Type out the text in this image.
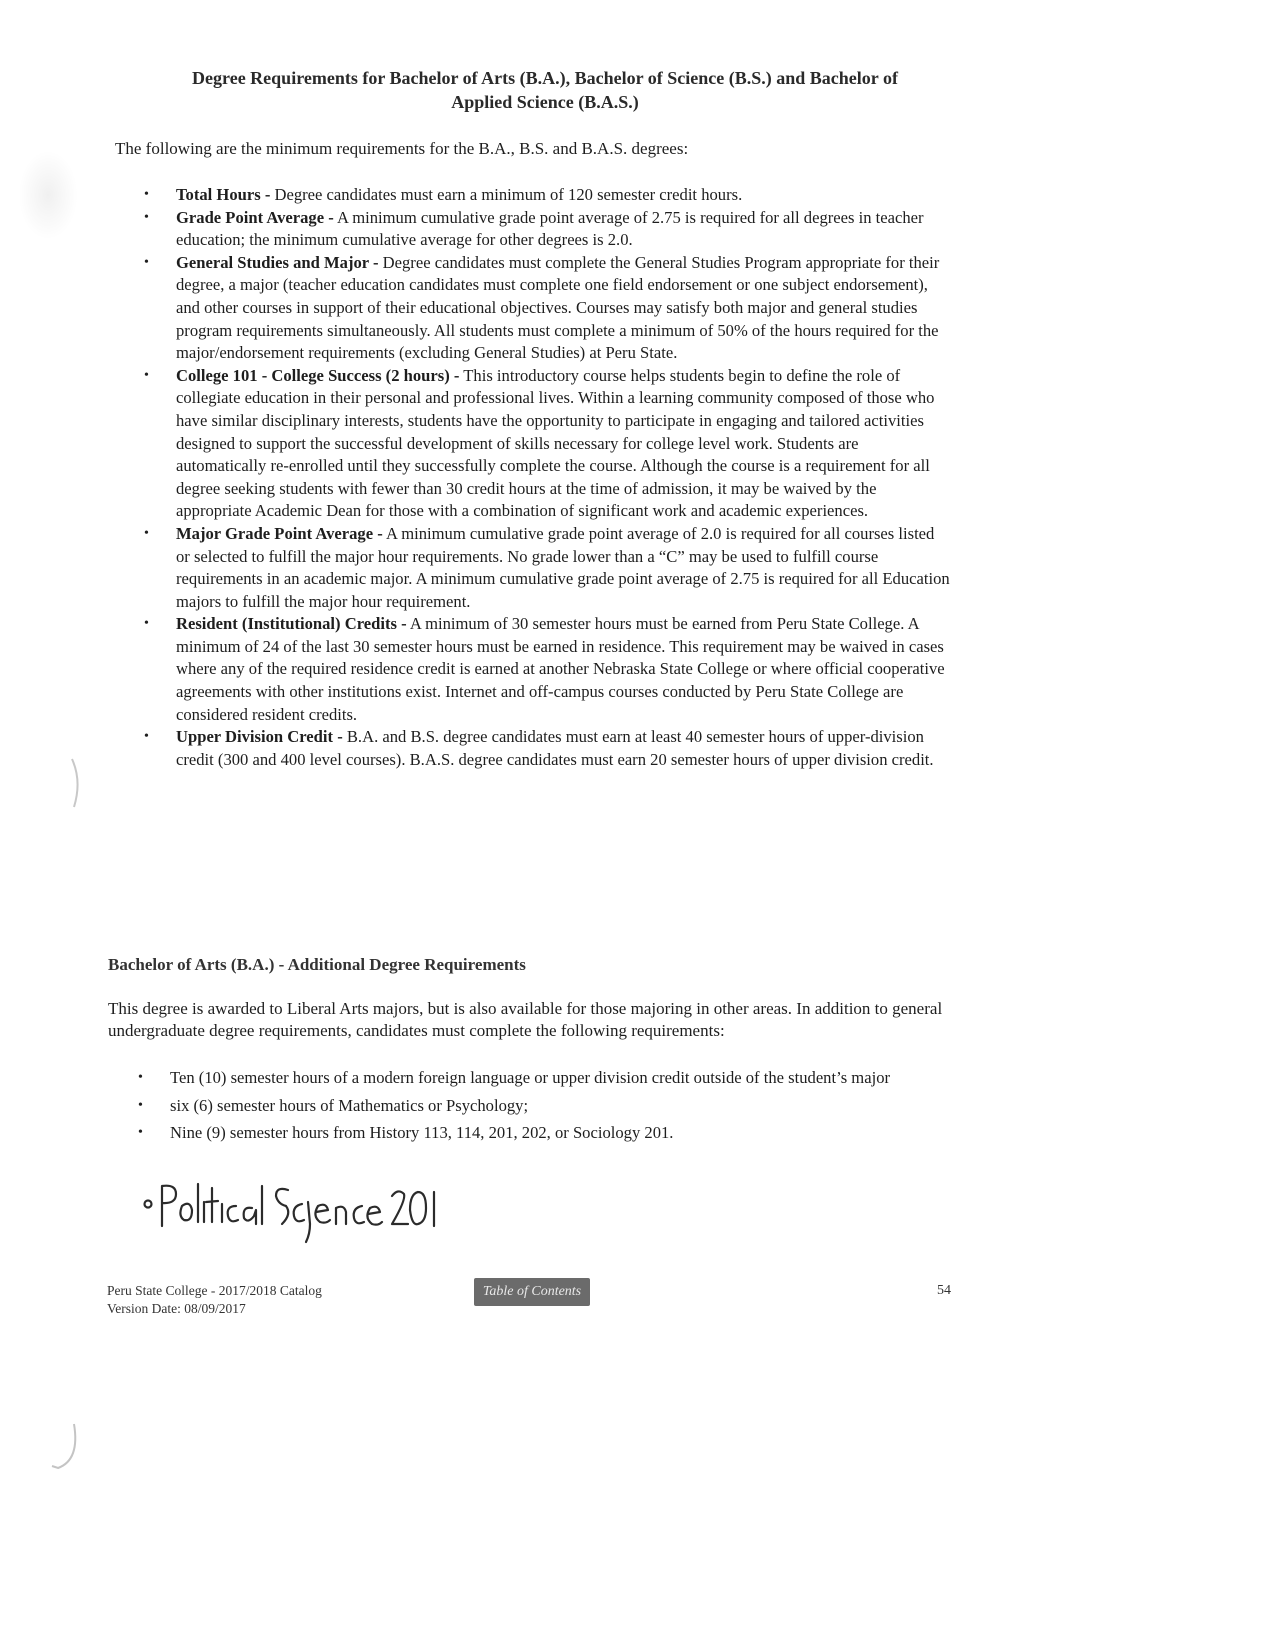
Degree Requirements for Bachelor of Arts (B.A.), Bachelor of Science (B.S.) and Bachelor of
Applied Science (B.A.S.)
The following are the minimum requirements for the B.A., B.S. and B.A.S. degrees:
• Total Hours - Degree candidates must earn a minimum of 120 semester credit hours.
• Grade Point Average - A minimum cumulative grade point average of 2.75 is required for all degrees in teacher education; the minimum cumulative average for other degrees is 2.0.
• General Studies and Major - Degree candidates must complete the General Studies Program appropriate for their degree, a major (teacher education candidates must complete one field endorsement or one subject endorsement), and other courses in support of their educational objectives. Courses may satisfy both major and general studies program requirements simultaneously. All students must complete a minimum of 50% of the hours required for the major/endorsement requirements (excluding General Studies) at Peru State.
• College 101 - College Success (2 hours) - This introductory course helps students begin to define the role of collegiate education in their personal and professional lives. Within a learning community composed of those who have similar disciplinary interests, students have the opportunity to participate in engaging and tailored activities designed to support the successful development of skills necessary for college level work. Students are automatically re-enrolled until they successfully complete the course. Although the course is a requirement for all degree seeking students with fewer than 30 credit hours at the time of admission, it may be waived by the appropriate Academic Dean for those with a combination of significant work and academic experiences.
• Major Grade Point Average - A minimum cumulative grade point average of 2.0 is required for all courses listed or selected to fulfill the major hour requirements. No grade lower than a “C” may be used to fulfill course requirements in an academic major. A minimum cumulative grade point average of 2.75 is required for all Education majors to fulfill the major hour requirement.
• Resident (Institutional) Credits - A minimum of 30 semester hours must be earned from Peru State College. A minimum of 24 of the last 30 semester hours must be earned in residence. This requirement may be waived in cases where any of the required residence credit is earned at another Nebraska State College or where official cooperative agreements with other institutions exist. Internet and off-campus courses conducted by Peru State College are considered resident credits.
• Upper Division Credit - B.A. and B.S. degree candidates must earn at least 40 semester hours of upper-division credit (300 and 400 level courses). B.A.S. degree candidates must earn 20 semester hours of upper division credit.
Bachelor of Arts (B.A.) - Additional Degree Requirements
This degree is awarded to Liberal Arts majors, but is also available for those majoring in other areas. In addition to general undergraduate degree requirements, candidates must complete the following requirements:
• Ten (10) semester hours of a modern foreign language or upper division credit outside of the student’s major
• six (6) semester hours of Mathematics or Psychology;
• Nine (9) semester hours from History 113, 114, 201, 202, or Sociology 201.
Peru State College - 2017/2018 Catalog
Version Date: 08/09/2017
Table of Contents	54
